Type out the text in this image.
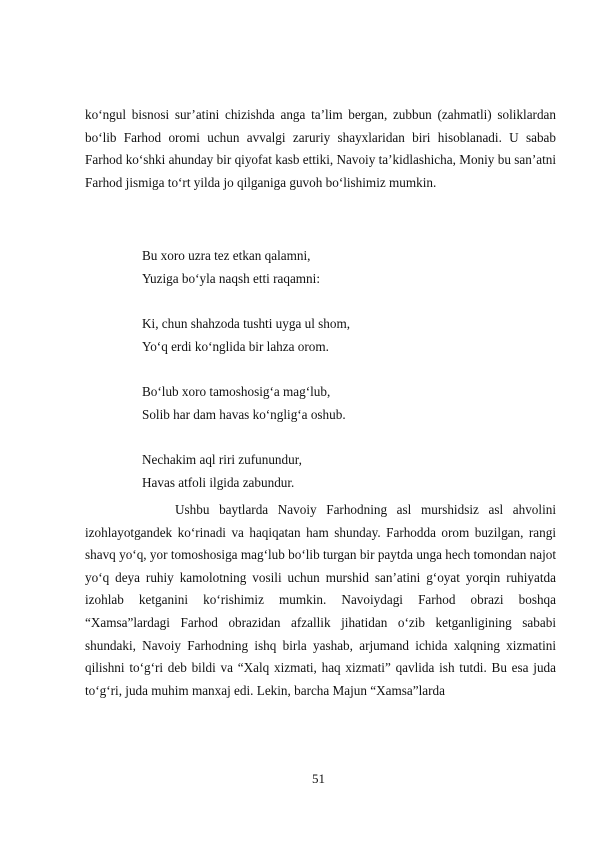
ko‘ngul bisnosi sur’atini chizishda anga ta’lim bergan, zubbun (zahmatli) soliklardan bo‘lib Farhod oromi uchun avvalgi zaruriy shayxlaridan biri hisoblanadi. U sabab Farhod ko‘shki ahunday bir qiyofat kasb ettiki, Navoiy ta’kidlashicha, Moniy bu san’atni Farhod jismiga to‘rt yilda jo qilganiga guvoh bo‘lishimiz mumkin.

Bu xoro uzra tez etkan qalamni,
Yuziga bo‘yla naqsh etti raqamni:
Ki, chun shahzoda tushti uyga ul shom,
Yo‘q erdi ko‘nglida bir lahza orom.
Bo‘lub xoro tamoshosig‘a mag‘lub,
Solib har dam havas ko‘nglig‘a oshub.
Nechakim aql riri zufunundur,
Havas atfoli ilgida zabundur.

Ushbu baytlarda Navoiy Farhodning asl murshidsiz asl ahvolini izohlayotgandek ko‘rinadi va haqiqatan ham shunday. Farhodda orom buzilgan, rangi shavq yo‘q, yor tomoshosiga mag‘lub bo‘lib turgan bir paytda unga hech tomondan najot yo‘q deya ruhiy kamolotning vosili uchun murshid san’atini g‘oyat yorqin ruhiyatda izohlab ketganini ko‘rishimiz mumkin. Navoiydagi Farhod obrazi boshqa “Xamsa”lardagi Farhod obrazidan afzallik jihatidan o‘zib ketganligining sababi shundaki, Navoiy Farhodning ishq birla yashab, arjumand ichida xalqning xizmatini qilishni to‘g‘ri deb bildi va “Xalq xizmati, haq xizmati” qavlida ish tutdi. Bu esa juda to‘g‘ri, juda muhim manxaj edi. Lekin, barcha Majun “Xamsa”larda

51
